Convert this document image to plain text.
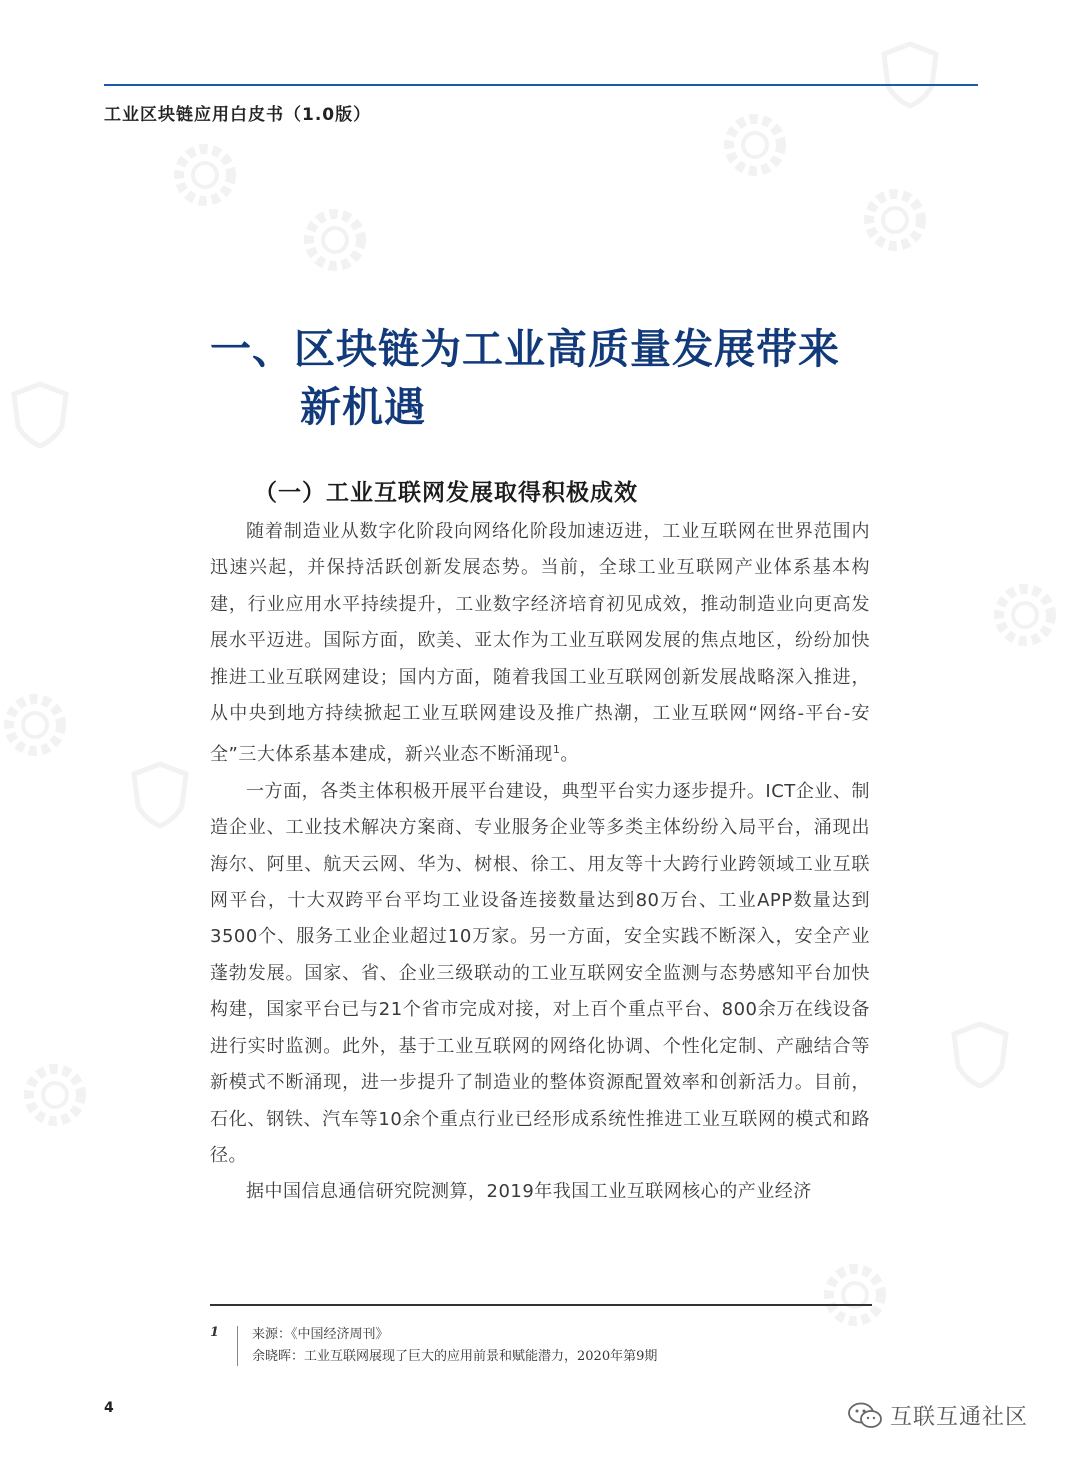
工业区块链应用白皮书（1.0版）
一、区块链为工业高质量发展带来
新机遇
（一）工业互联网发展取得积极成效

随着制造业从数字化阶段向网络化阶段加速迈进，工业互联网在世界范围内迅速兴起，并保持活跃创新发展态势。当前，全球工业互联网产业体系基本构建，行业应用水平持续提升，工业数字经济培育初见成效，推动制造业向更高发展水平迈进。国际方面，欧美、亚太作为工业互联网发展的焦点地区，纷纷加快推进工业互联网建设；国内方面，随着我国工业互联网创新发展战略深入推进，从中央到地方持续掀起工业互联网建设及推广热潮，工业互联网“网络-平台-安全”三大体系基本建成，新兴业态不断涌现$^1$。

一方面，各类主体积极开展平台建设，典型平台实力逐步提升。ICT企业、制造企业、工业技术解决方案商、专业服务企业等多类主体纷纷入局平台，涌现出海尔、阿里、航天云网、华为、树根、徐工、用友等十大跨行业跨领域工业互联网平台，十大双跨平台平均工业设备连接数量达到80万台、工业APP数量达到3500个、服务工业企业超过10万家。另一方面，安全实践不断深入，安全产业蓬勃发展。国家、省、企业三级联动的工业互联网安全监测与态势感知平台加快构建，国家平台已与21个省市完成对接，对上百个重点平台、800余万在线设备进行实时监测。此外，基于工业互联网的网络化协调、个性化定制、产融结合等新模式不断涌现，进一步提升了制造业的整体资源配置效率和创新活力。目前，石化、钢铁、汽车等10余个重点行业已经形成系统性推进工业互联网的模式和路径。

据中国信息通信研究院测算，2019年我国工业互联网核心的产业经济

1	来源：《中国经济周刊》
余晓晖：工业互联网展现了巨大的应用前景和赋能潜力，2020年第9期
4	互联互通社区
